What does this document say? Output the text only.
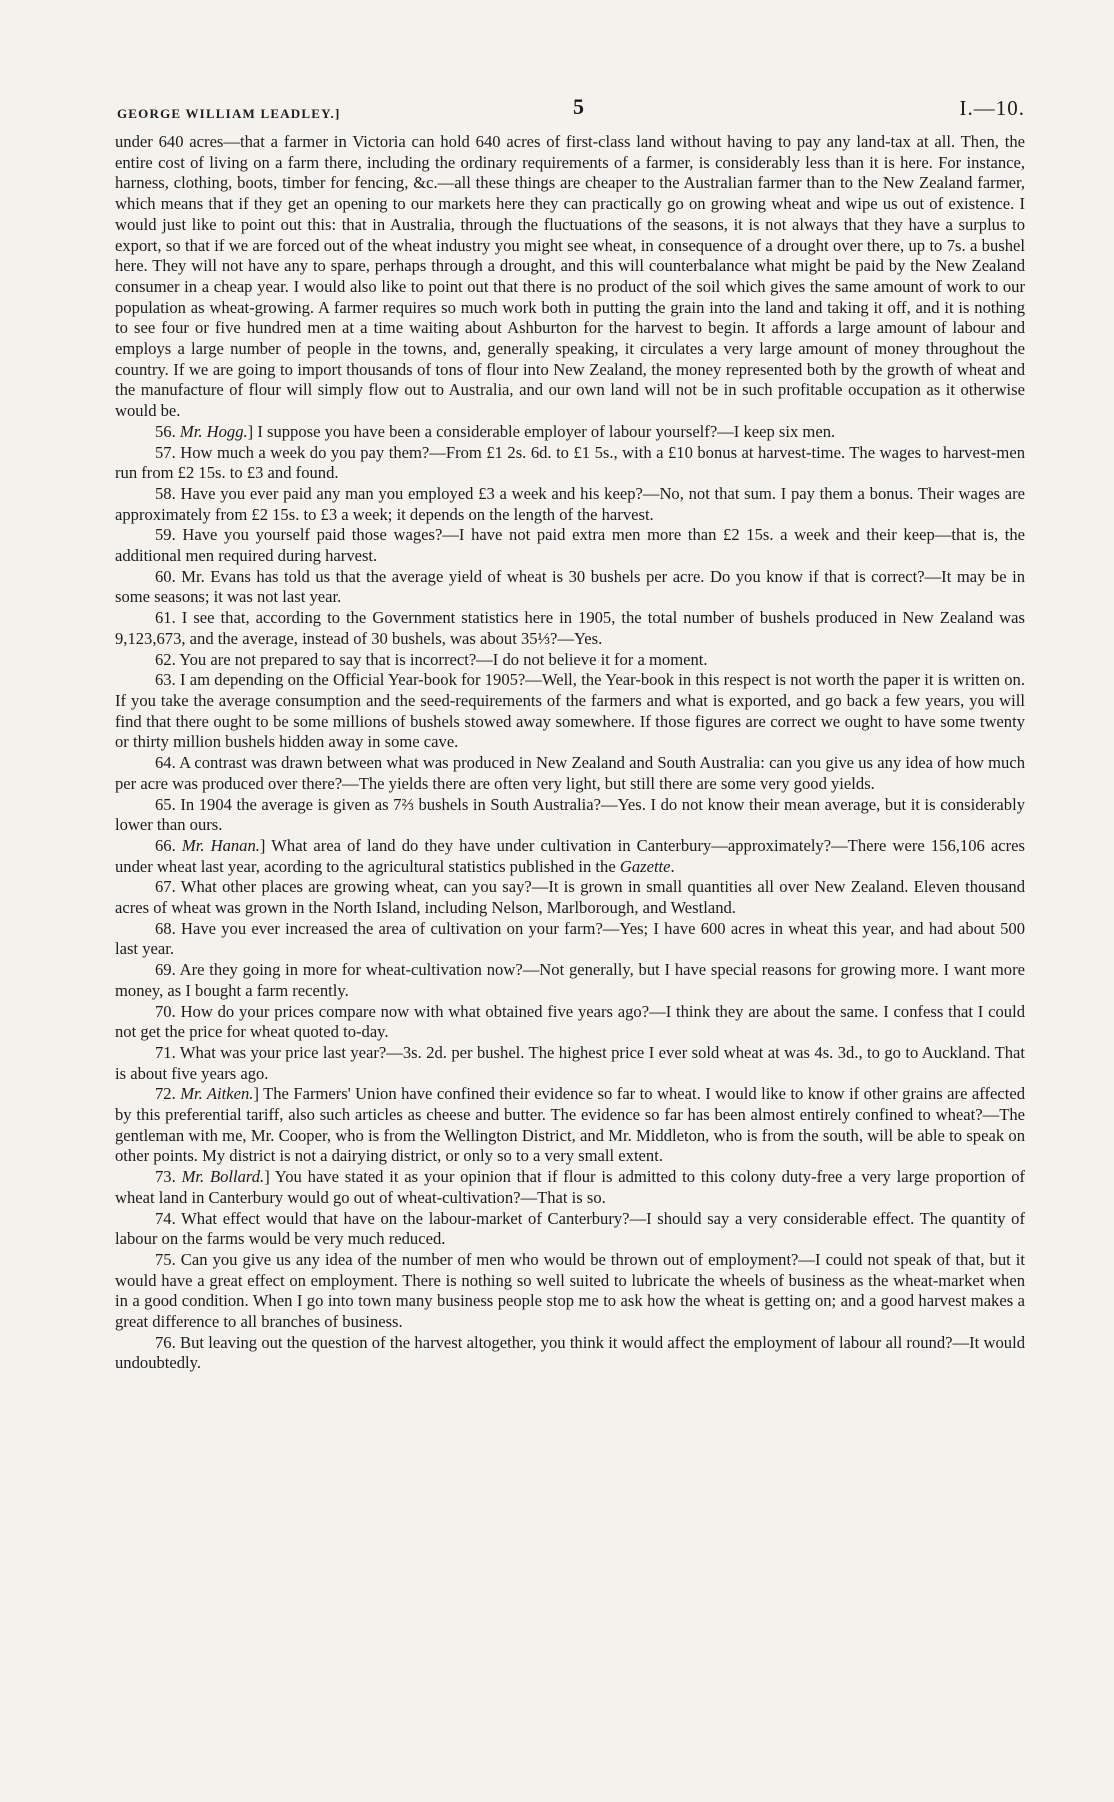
GEORGE WILLIAM LEADLEY.]	5	I.—10.

under 640 acres—that a farmer in Victoria can hold 640 acres of first-class land without having to pay any land-tax at all. Then, the entire cost of living on a farm there, including the ordinary requirements of a farmer, is considerably less than it is here. For instance, harness, clothing, boots, timber for fencing, &c.—all these things are cheaper to the Australian farmer than to the New Zealand farmer, which means that if they get an opening to our markets here they can practically go on growing wheat and wipe us out of existence. I would just like to point out this: that in Australia, through the fluctuations of the seasons, it is not always that they have a surplus to export, so that if we are forced out of the wheat industry you might see wheat, in consequence of a drought over there, up to 7s. a bushel here. They will not have any to spare, perhaps through a drought, and this will counterbalance what might be paid by the New Zealand consumer in a cheap year. I would also like to point out that there is no product of the soil which gives the same amount of work to our population as wheat-growing. A farmer requires so much work both in putting the grain into the land and taking it off, and it is nothing to see four or five hundred men at a time waiting about Ashburton for the harvest to begin. It affords a large amount of labour and employs a large number of people in the towns, and, generally speaking, it circulates a very large amount of money throughout the country. If we are going to import thousands of tons of flour into New Zealand, the money represented both by the growth of wheat and the manufacture of flour will simply flow out to Australia, and our own land will not be in such profitable occupation as it otherwise would be.

56. Mr. Hogg.] I suppose you have been a considerable employer of labour yourself?—I keep six men.

57. How much a week do you pay them?—From £1 2s. 6d. to £1 5s., with a £10 bonus at harvest-time. The wages to harvest-men run from £2 15s. to £3 and found.

58. Have you ever paid any man you employed £3 a week and his keep?—No, not that sum. I pay them a bonus. Their wages are approximately from £2 15s. to £3 a week; it depends on the length of the harvest.

59. Have you yourself paid those wages?—I have not paid extra men more than £2 15s. a week and their keep—that is, the additional men required during harvest.

60. Mr. Evans has told us that the average yield of wheat is 30 bushels per acre. Do you know if that is correct?—It may be in some seasons; it was not last year.

61. I see that, according to the Government statistics here in 1905, the total number of bushels produced in New Zealand was 9,123,673, and the average, instead of 30 bushels, was about 35⅓?—Yes.

62. You are not prepared to say that is incorrect?—I do not believe it for a moment.

63. I am depending on the Official Year-book for 1905?—Well, the Year-book in this respect is not worth the paper it is written on. If you take the average consumption and the seed-requirements of the farmers and what is exported, and go back a few years, you will find that there ought to be some millions of bushels stowed away somewhere. If those figures are correct we ought to have some twenty or thirty million bushels hidden away in some cave.

64. A contrast was drawn between what was produced in New Zealand and South Australia: can you give us any idea of how much per acre was produced over there?—The yields there are often very light, but still there are some very good yields.

65. In 1904 the average is given as 7⅔ bushels in South Australia?—Yes. I do not know their mean average, but it is considerably lower than ours.

66. Mr. Hanan.] What area of land do they have under cultivation in Canterbury—approximately?—There were 156,106 acres under wheat last year, acording to the agricultural statistics published in the Gazette.

67. What other places are growing wheat, can you say?—It is grown in small quantities all over New Zealand. Eleven thousand acres of wheat was grown in the North Island, including Nelson, Marlborough, and Westland.

68. Have you ever increased the area of cultivation on your farm?—Yes; I have 600 acres in wheat this year, and had about 500 last year.

69. Are they going in more for wheat-cultivation now?—Not generally, but I have special reasons for growing more. I want more money, as I bought a farm recently.

70. How do your prices compare now with what obtained five years ago?—I think they are about the same. I confess that I could not get the price for wheat quoted to-day.

71. What was your price last year?—3s. 2d. per bushel. The highest price I ever sold wheat at was 4s. 3d., to go to Auckland. That is about five years ago.

72. Mr. Aitken.] The Farmers' Union have confined their evidence so far to wheat. I would like to know if other grains are affected by this preferential tariff, also such articles as cheese and butter. The evidence so far has been almost entirely confined to wheat?—The gentleman with me, Mr. Cooper, who is from the Wellington District, and Mr. Middleton, who is from the south, will be able to speak on other points. My district is not a dairying district, or only so to a very small extent.

73. Mr. Bollard.] You have stated it as your opinion that if flour is admitted to this colony duty-free a very large proportion of wheat land in Canterbury would go out of wheat-cultivation?—That is so.

74. What effect would that have on the labour-market of Canterbury?—I should say a very considerable effect. The quantity of labour on the farms would be very much reduced.

75. Can you give us any idea of the number of men who would be thrown out of employment?—I could not speak of that, but it would have a great effect on employment. There is nothing so well suited to lubricate the wheels of business as the wheat-market when in a good condition. When I go into town many business people stop me to ask how the wheat is getting on; and a good harvest makes a great difference to all branches of business.

76. But leaving out the question of the harvest altogether, you think it would affect the employment of labour all round?—It would undoubtedly.
